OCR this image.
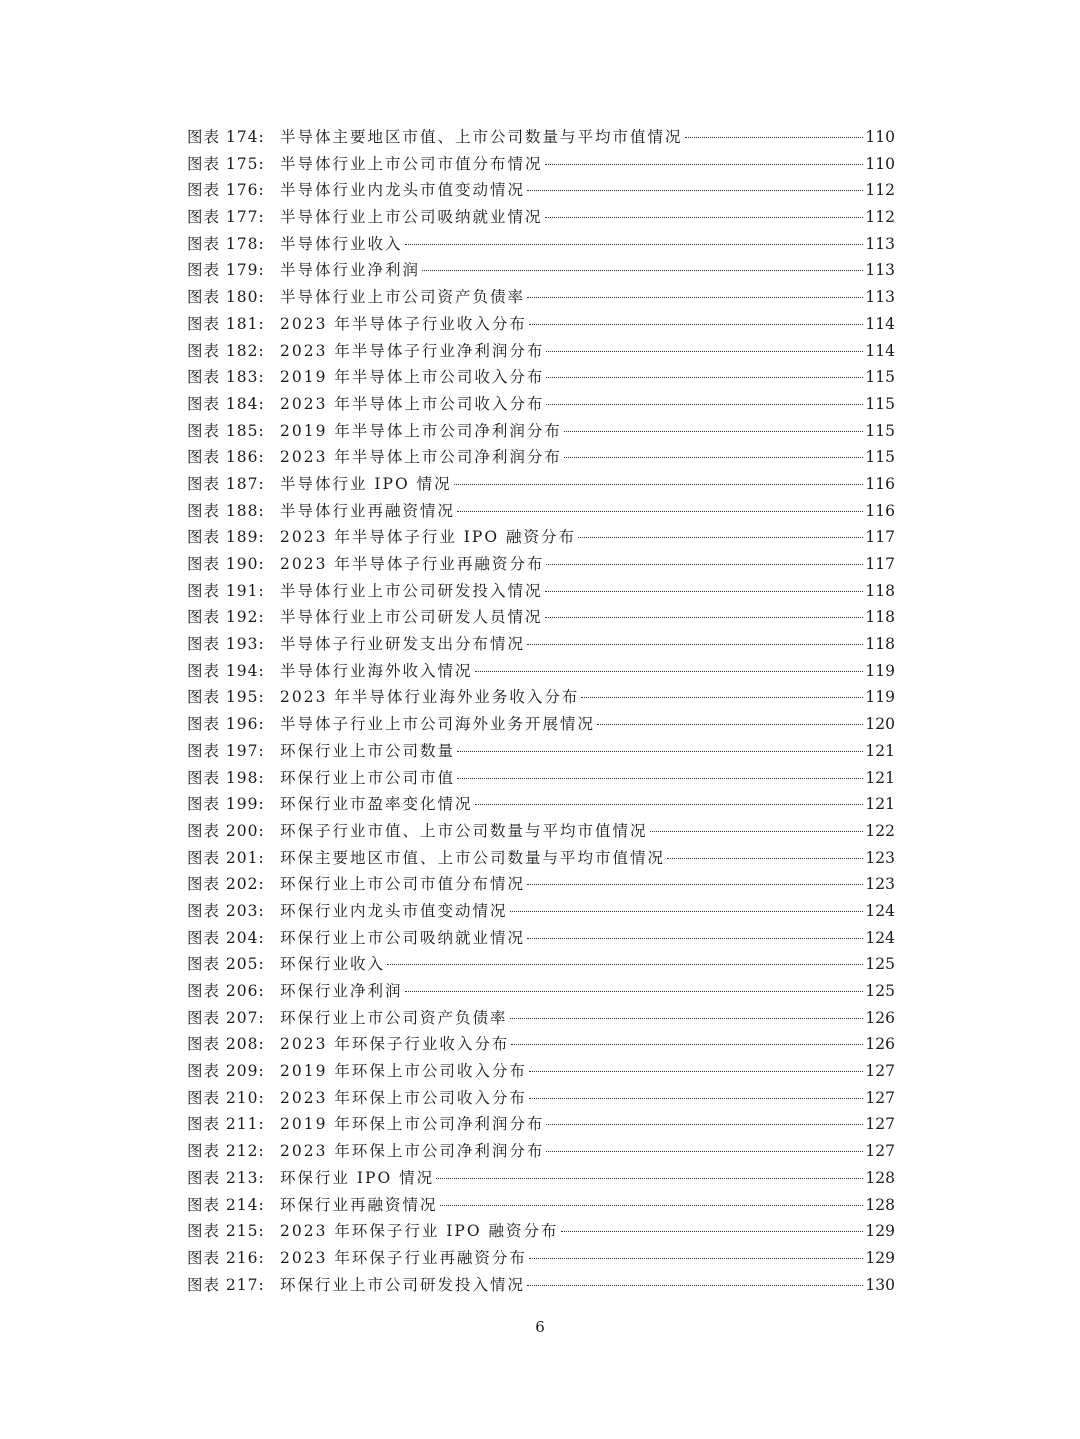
图表 174: 半导体主要地区市值、上市公司数量与平均市值情况	110
图表 175: 半导体行业上市公司市值分布情况	110
图表 176: 半导体行业内龙头市值变动情况	112
图表 177: 半导体行业上市公司吸纳就业情况	112
图表 178: 半导体行业收入	113
图表 179: 半导体行业净利润	113
图表 180: 半导体行业上市公司资产负债率	113
图表 181: 2023 年半导体子行业收入分布	114
图表 182: 2023 年半导体子行业净利润分布	114
图表 183: 2019 年半导体上市公司收入分布	115
图表 184: 2023 年半导体上市公司收入分布	115
图表 185: 2019 年半导体上市公司净利润分布	115
图表 186: 2023 年半导体上市公司净利润分布	115
图表 187: 半导体行业 IPO 情况	116
图表 188: 半导体行业再融资情况	116
图表 189: 2023 年半导体子行业 IPO 融资分布	117
图表 190: 2023 年半导体子行业再融资分布	117
图表 191: 半导体行业上市公司研发投入情况	118
图表 192: 半导体行业上市公司研发人员情况	118
图表 193: 半导体子行业研发支出分布情况	118
图表 194: 半导体行业海外收入情况	119
图表 195: 2023 年半导体行业海外业务收入分布	119
图表 196: 半导体子行业上市公司海外业务开展情况	120
图表 197: 环保行业上市公司数量	121
图表 198: 环保行业上市公司市值	121
图表 199: 环保行业市盈率变化情况	121
图表 200: 环保子行业市值、上市公司数量与平均市值情况	122
图表 201: 环保主要地区市值、上市公司数量与平均市值情况	123
图表 202: 环保行业上市公司市值分布情况	123
图表 203: 环保行业内龙头市值变动情况	124
图表 204: 环保行业上市公司吸纳就业情况	124
图表 205: 环保行业收入	125
图表 206: 环保行业净利润	125
图表 207: 环保行业上市公司资产负债率	126
图表 208: 2023 年环保子行业收入分布	126
图表 209: 2019 年环保上市公司收入分布	127
图表 210: 2023 年环保上市公司收入分布	127
图表 211: 2019 年环保上市公司净利润分布	127
图表 212: 2023 年环保上市公司净利润分布	127
图表 213: 环保行业 IPO 情况	128
图表 214: 环保行业再融资情况	128
图表 215: 2023 年环保子行业 IPO 融资分布	129
图表 216: 2023 年环保子行业再融资分布	129
图表 217: 环保行业上市公司研发投入情况	130
6
